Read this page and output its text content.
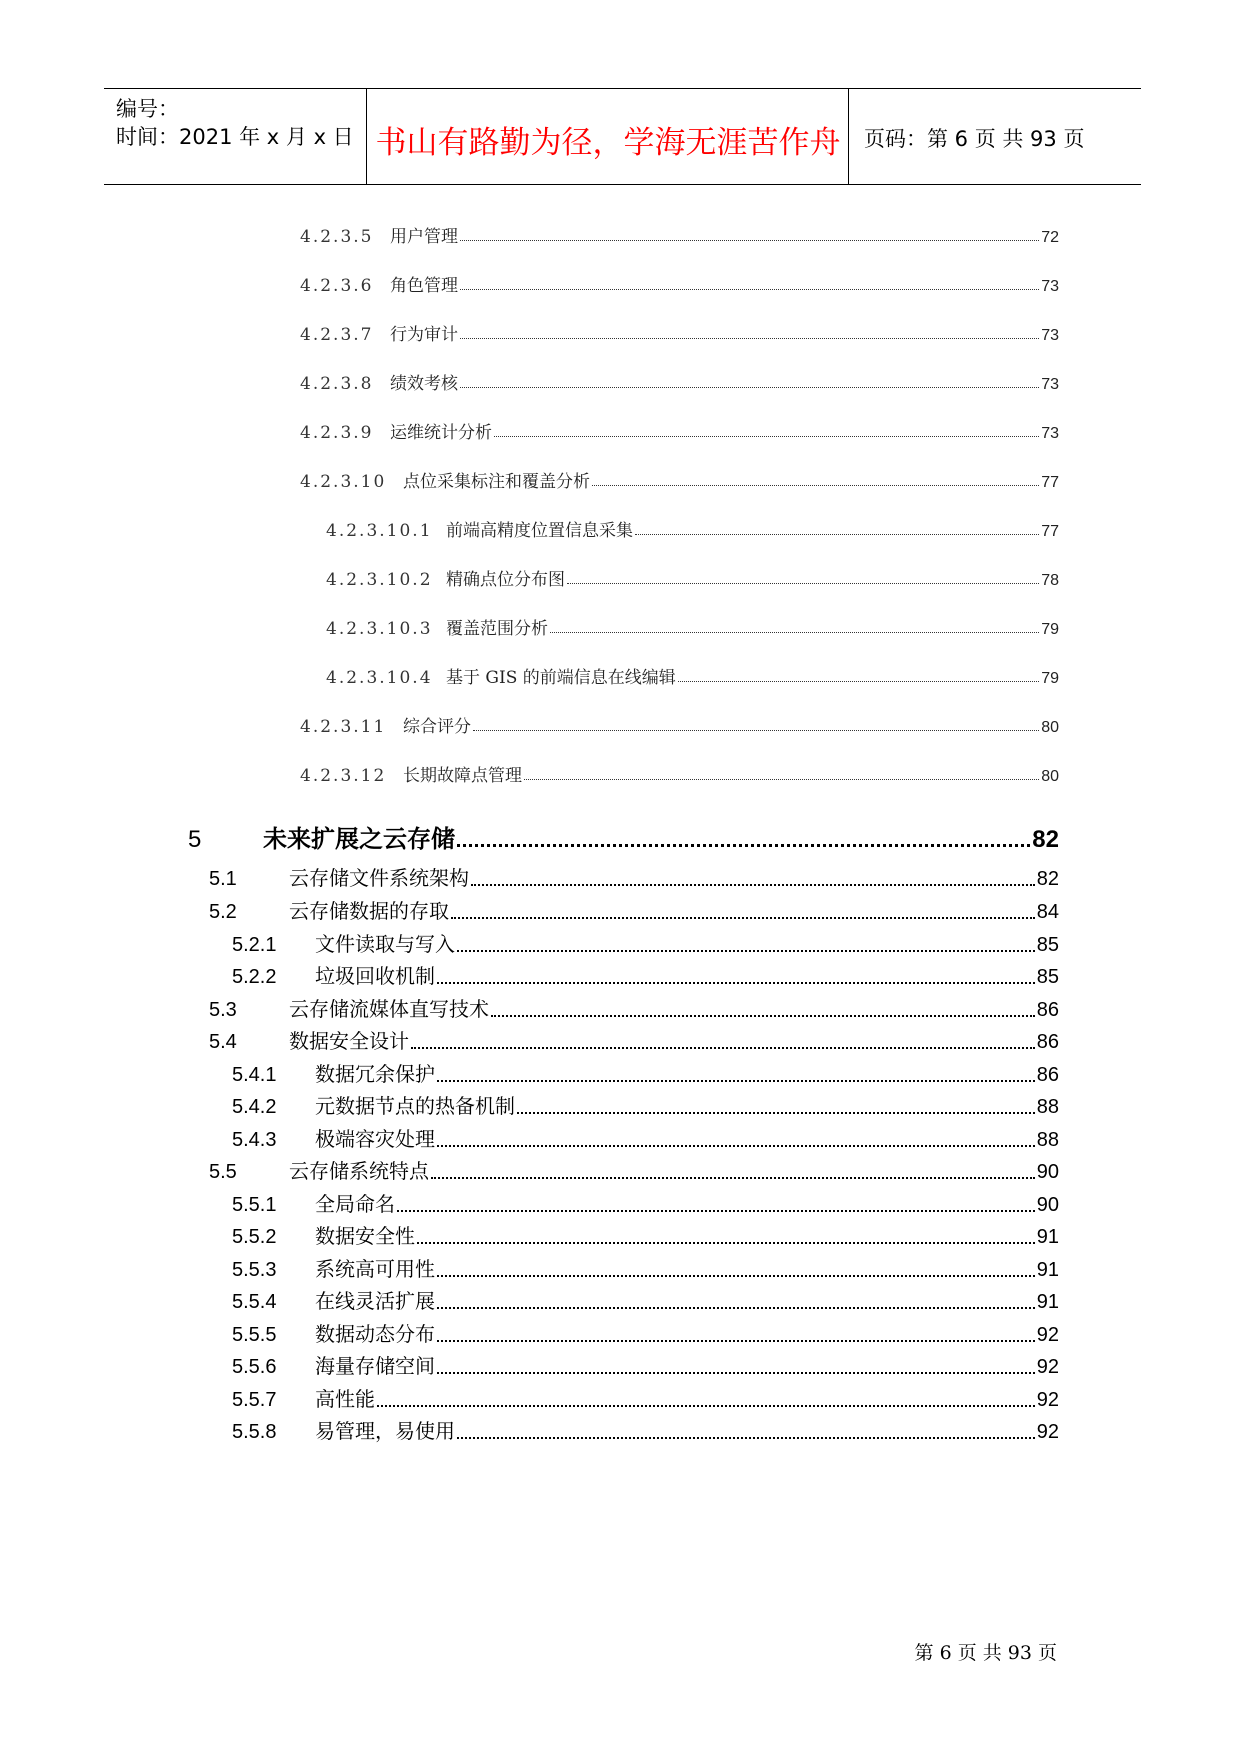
编号：
时间：2021 年 x 月 x 日 书山有路勤为径，学海无涯苦作舟	页码：第 6 页 共 93 页
4.2.3.5 用户管理	72
4.2.3.6 角色管理	73
4.2.3.7 行为审计	73
4.2.3.8 绩效考核	73
4.2.3.9 运维统计分析	73
4.2.3.10 点位采集标注和覆盖分析	77
4.2.3.10.1 前端高精度位置信息采集	77
4.2.3.10.2 精确点位分布图	78
4.2.3.10.3 覆盖范围分析	79
4.2.3.10.4 基于 GIS 的前端信息在线编辑	79
4.2.3.11 综合评分	80
4.2.3.12 长期故障点管理	80
5	未来扩展之云存储	82
5.1	云存储文件系统架构	82
5.2	云存储数据的存取	84
5.2.1	文件读取与写入	85
5.2.2	垃圾回收机制	85
5.3	云存储流媒体直写技术	86
5.4	数据安全设计	86
5.4.1	数据冗余保护	86
5.4.2	元数据节点的热备机制	88
5.4.3	极端容灾处理	88
5.5	云存储系统特点	90
5.5.1	全局命名	90
5.5.2	数据安全性	91
5.5.3	系统高可用性	91
5.5.4	在线灵活扩展	91
5.5.5	数据动态分布	92
5.5.6	海量存储空间	92
5.5.7	高性能	92
5.5.8	易管理，易使用	92
第 6 页 共 93 页
